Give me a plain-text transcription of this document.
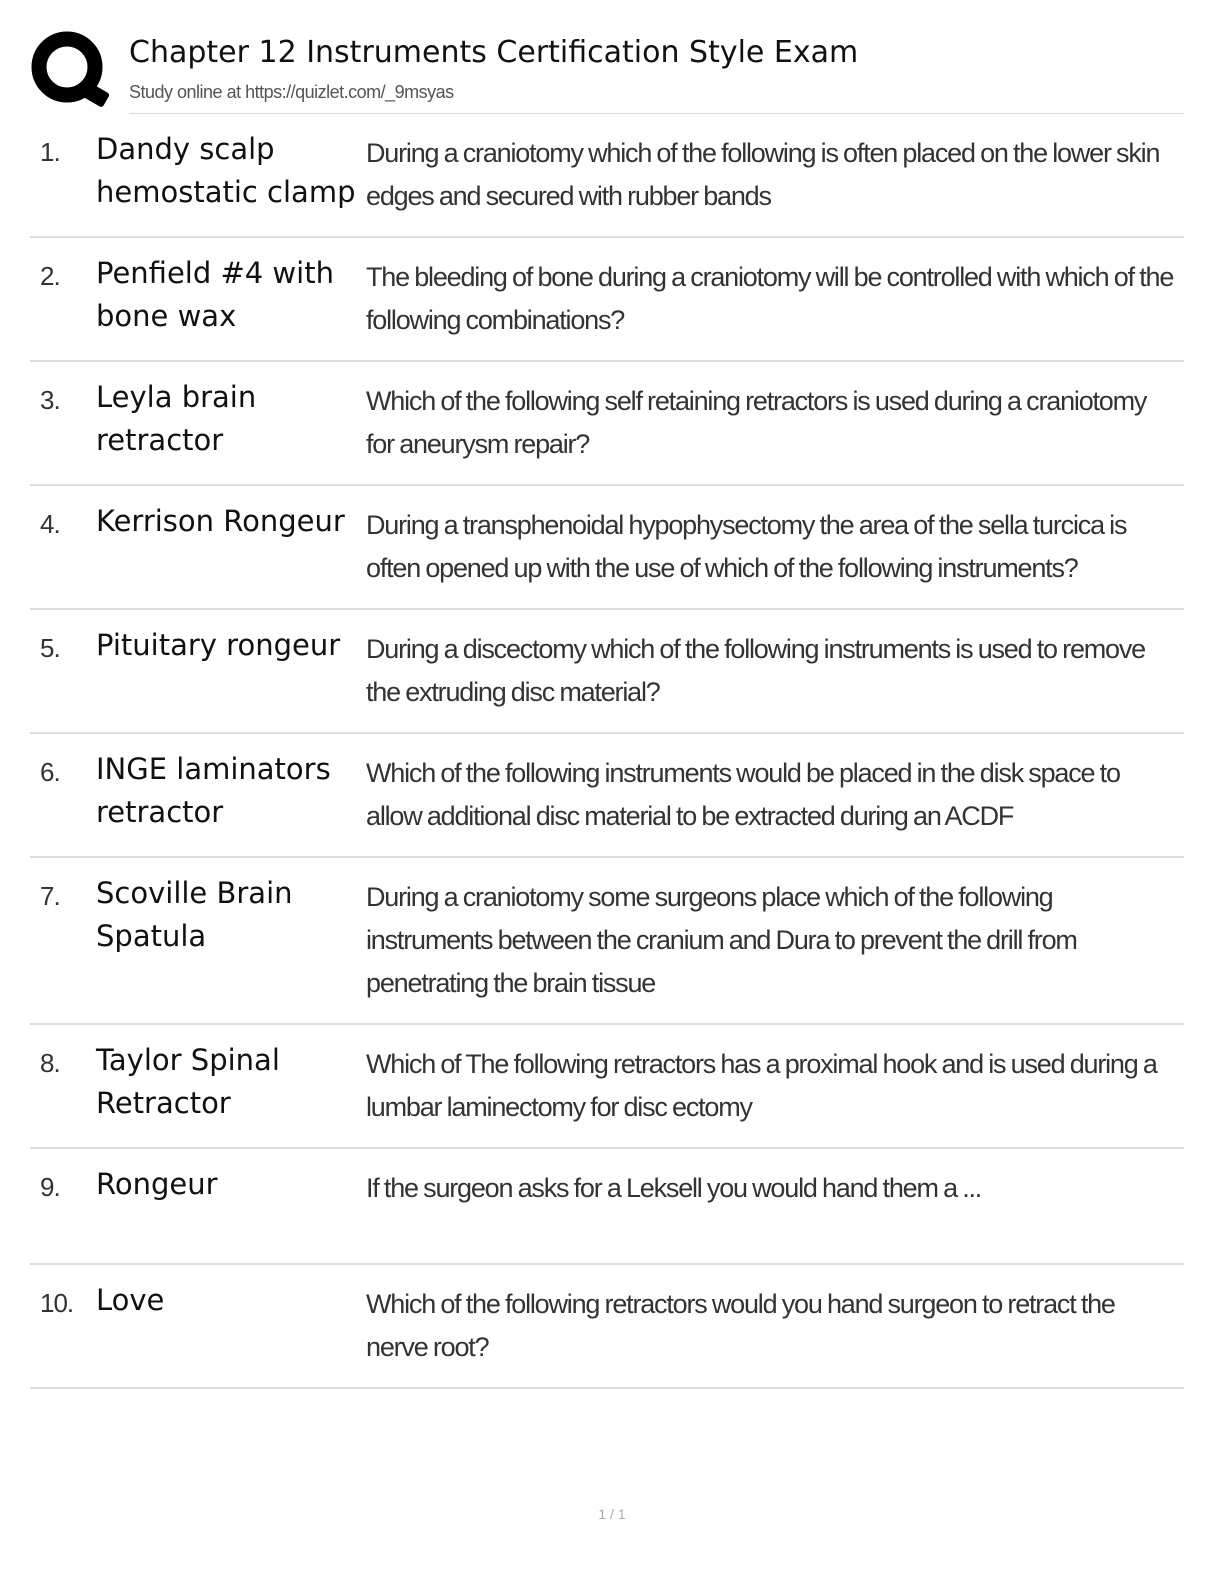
Chapter 12 Instruments Certification Style Exam
Study online at https://quizlet.com/_9msyas
1. Dandy scalp hemostatic clamp
During a craniotomy which of the following is often placed on the lower skin edges and secured with rubber bands
2. Penfield #4 with bone wax
The bleeding of bone during a craniotomy will be controlled with which of the following combinations?
3. Leyla brain retractor
Which of the following self retaining retractors is used during a craniotomy for aneurysm repair?
4. Kerrison Rongeur During a transphenoidal hypophysectomy the area of the sella turcica is often opened up with the use of which of the following instruments?
5. Pituitary rongeur During a discectomy which of the following instruments is used to remove the extruding disc material?
6. INGE laminators retractor
Which of the following instruments would be placed in the disk space to allow additional disc material to be extracted during an ACDF
7. Scoville Brain Spatula
During a craniotomy some surgeons place which of the following instruments between the cranium and Dura to prevent the drill from penetrating the brain tissue
8. Taylor Spinal Retractor
Which of The following retractors has a proximal hook and is used during a lumbar laminectomy for disc ectomy
9. Rongeur	If the surgeon asks for a Leksell you would hand them a ...
10. Love	Which of the following retractors would you hand surgeon to retract the nerve root?
1 / 1
